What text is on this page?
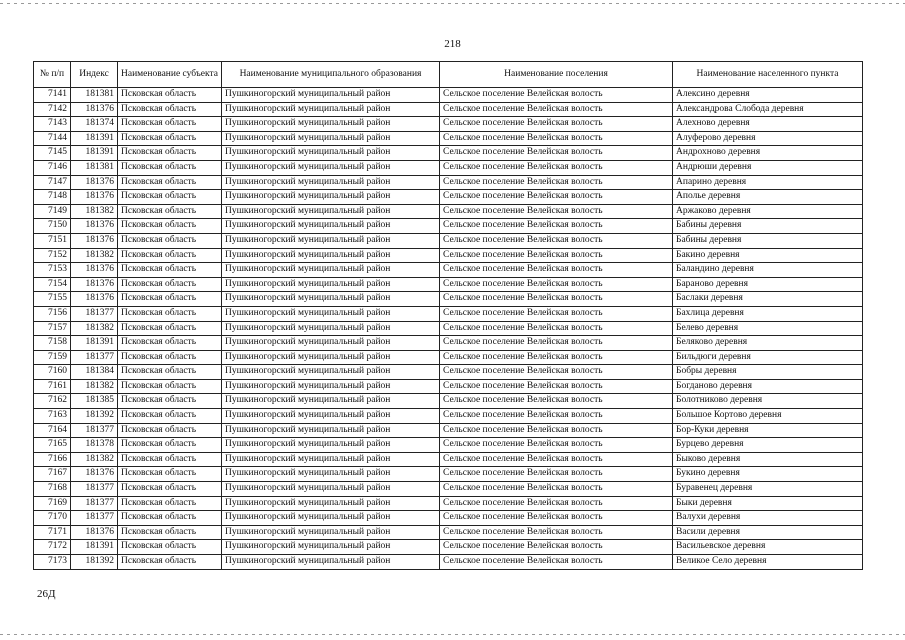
218
№ п/п	Индекс	Наименование субъекта	Наименование муниципального образования	Наименование поселения	Наименование населенного пункта
7141	181381	Псковская область	Пушкиногорский муниципальный район	Сельское поселение Велейская волость	Алексино деревня
7142	181376	Псковская область	Пушкиногорский муниципальный район	Сельское поселение Велейская волость	Александрова Слобода деревня
7143	181374	Псковская область	Пушкиногорский муниципальный район	Сельское поселение Велейская волость	Алехново деревня
7144	181391	Псковская область	Пушкиногорский муниципальный район	Сельское поселение Велейская волость	Алуферово деревня
7145	181391	Псковская область	Пушкиногорский муниципальный район	Сельское поселение Велейская волость	Андрохново деревня
7146	181381	Псковская область	Пушкиногорский муниципальный район	Сельское поселение Велейская волость	Андрюши деревня
7147	181376	Псковская область	Пушкиногорский муниципальный район	Сельское поселение Велейская волость	Апарино деревня
7148	181376	Псковская область	Пушкиногорский муниципальный район	Сельское поселение Велейская волость	Аполье деревня
7149	181382	Псковская область	Пушкиногорский муниципальный район	Сельское поселение Велейская волость	Аржаково деревня
7150	181376	Псковская область	Пушкиногорский муниципальный район	Сельское поселение Велейская волость	Бабины деревня
7151	181376	Псковская область	Пушкиногорский муниципальный район	Сельское поселение Велейская волость	Бабины деревня
7152	181382	Псковская область	Пушкиногорский муниципальный район	Сельское поселение Велейская волость	Бакино деревня
7153	181376	Псковская область	Пушкиногорский муниципальный район	Сельское поселение Велейская волость	Баландино деревня
7154	181376	Псковская область	Пушкиногорский муниципальный район	Сельское поселение Велейская волость	Бараново деревня
7155	181376	Псковская область	Пушкиногорский муниципальный район	Сельское поселение Велейская волость	Баслаки деревня
7156	181377	Псковская область	Пушкиногорский муниципальный район	Сельское поселение Велейская волость	Бахлица деревня
7157	181382	Псковская область	Пушкиногорский муниципальный район	Сельское поселение Велейская волость	Белево деревня
7158	181391	Псковская область	Пушкиногорский муниципальный район	Сельское поселение Велейская волость	Беляково деревня
7159	181377	Псковская область	Пушкиногорский муниципальный район	Сельское поселение Велейская волость	Бильдюги деревня
7160	181384	Псковская область	Пушкиногорский муниципальный район	Сельское поселение Велейская волость	Бобры деревня
7161	181382	Псковская область	Пушкиногорский муниципальный район	Сельское поселение Велейская волость	Богданово деревня
7162	181385	Псковская область	Пушкиногорский муниципальный район	Сельское поселение Велейская волость	Болотниково деревня
7163	181392	Псковская область	Пушкиногорский муниципальный район	Сельское поселение Велейская волость	Большое Кортово деревня
7164	181377	Псковская область	Пушкиногорский муниципальный район	Сельское поселение Велейская волость	Бор-Куки деревня
7165	181378	Псковская область	Пушкиногорский муниципальный район	Сельское поселение Велейская волость	Бурцево деревня
7166	181382	Псковская область	Пушкиногорский муниципальный район	Сельское поселение Велейская волость	Быково деревня
7167	181376	Псковская область	Пушкиногорский муниципальный район	Сельское поселение Велейская волость	Букино деревня
7168	181377	Псковская область	Пушкиногорский муниципальный район	Сельское поселение Велейская волость	Буравенец деревня
7169	181377	Псковская область	Пушкиногорский муниципальный район	Сельское поселение Велейская волость	Быки деревня
7170	181377	Псковская область	Пушкиногорский муниципальный район	Сельское поселение Велейская волость	Валухи деревня
7171	181376	Псковская область	Пушкиногорский муниципальный район	Сельское поселение Велейская волость	Васили деревня
7172	181391	Псковская область	Пушкиногорский муниципальный район	Сельское поселение Велейская волость	Васильевское деревня
7173	181392	Псковская область	Пушкиногорский муниципальный район	Сельское поселение Велейская волость	Великое Село деревня
26Д
